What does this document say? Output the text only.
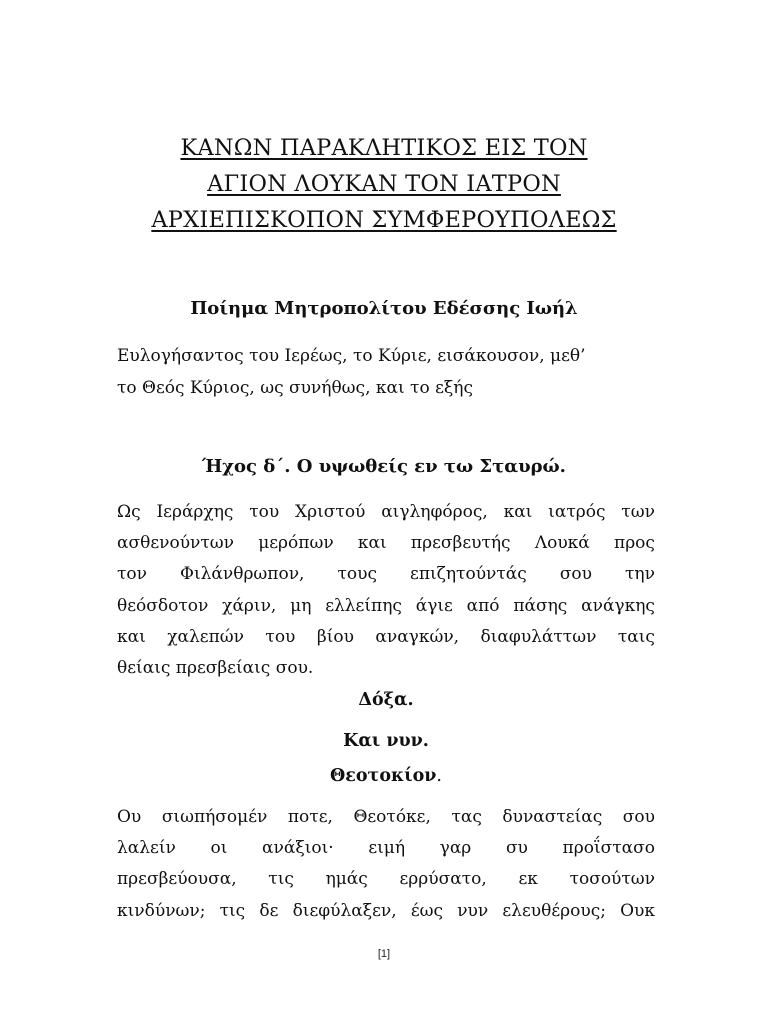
ΚΑΝΩΝ ΠΑΡΑΚΛΗΤΙΚΟΣ ΕΙΣ ΤΟΝ
ΑΓΙΟΝ ΛΟΥΚΑΝ ΤΟΝ ΙΑΤΡΟΝ
ΑΡΧΙΕΠΙΣΚΟΠΟΝ ΣΥΜΦΕΡΟΥΠΟΛΕΩΣ
Ποίημα Μητροπολίτου Εδέσσης Ιωήλ
Ευλογήσαντος του Ιερέως, το Κύριε, εισάκουσον, μεθ’
το Θεός Κύριος, ως συνήθως, και το εξής
Ήχος δ΄. Ο υψωθείς εν τω Σταυρώ.
Ως Ιεράρχης του Χριστού αιγληφόρος, και ιατρός των
ασθενούντων μερόπων και πρεσβευτής Λουκά προς
τον Φιλάνθρωπον, τους επιζητούντάς σου την
θεόσδοτον χάριν, μη ελλείπης άγιε από πάσης ανάγκης
και χαλεπών του βίου αναγκών, διαφυλάττων ταις
θείαις πρεσβείαις σου.
Δόξα.
Και νυν.
Θεοτοκίον.
Ου σιωπήσομέν ποτε, Θεοτόκε, τας δυναστείας σου
λαλείν οι ανάξιοι· ειμή γαρ συ προΐστασο
πρεσβεύουσα, τις ημάς ερρύσατο, εκ τοσούτων
κινδύνων; τις δε διεφύλαξεν, έως νυν ελευθέρους; Ουκ
[1]
